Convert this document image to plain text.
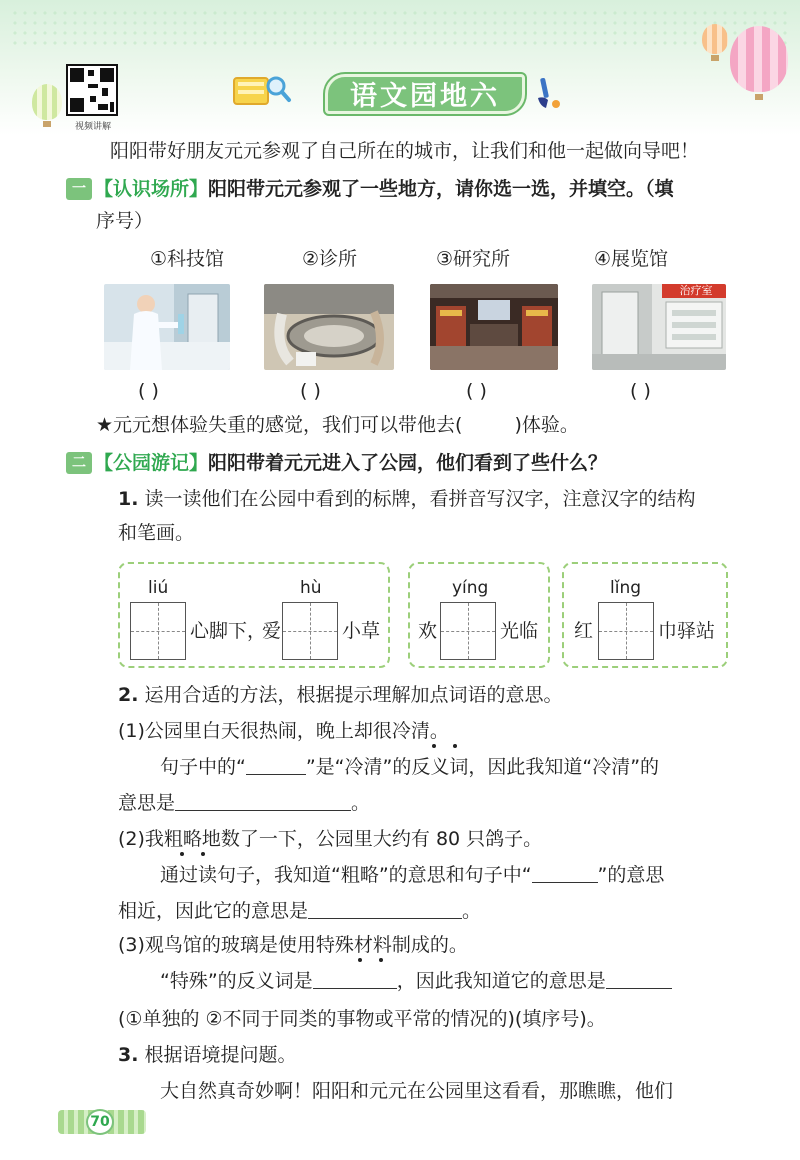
视频讲解
语文园地六
阳阳带好朋友元元参观了自己所在的城市，让我们和他一起做向导吧！
一 【认识场所】阳阳带元元参观了一些地方，请你选一选，并填空。（填
序号）
①科技馆	②诊所	③研究所	④展览馆
治疗室
( )	( )	( )	( )
★元元想体验失重的感觉，我们可以带他去(	)体验。
二 【公园游记】阳阳带着元元进入了公园，他们看到了些什么？
1. 读一读他们在公园中看到的标牌，看拼音写汉字，注意汉字的结构
和笔画。
liú
心脚下，
爱
hù
小草 欢
yíng
光临 红
lǐng
巾驿站
2. 运用合适的方法，根据提示理解加点词语的意思。
(1)公园里白天很热闹，晚上却很冷清。
句子中的“	”是“冷清”的反义词，因此我知道“冷清”的
意思是	。
(2)我粗略地数了一下，公园里大约有 80 只鸽子。
通过读句子，我知道“粗略”的意思和句子中“	”的意思
相近，因此它的意思是	。
(3)观鸟馆的玻璃是使用特殊材料制成的。
“特殊”的反义词是	，因此我知道它的意思是
(①单独的 ②不同于同类的事物或平常的情况的)(填序号)。
3. 根据语境提问题。
大自然真奇妙啊！阳阳和元元在公园里这看看，那瞧瞧，他们
70
